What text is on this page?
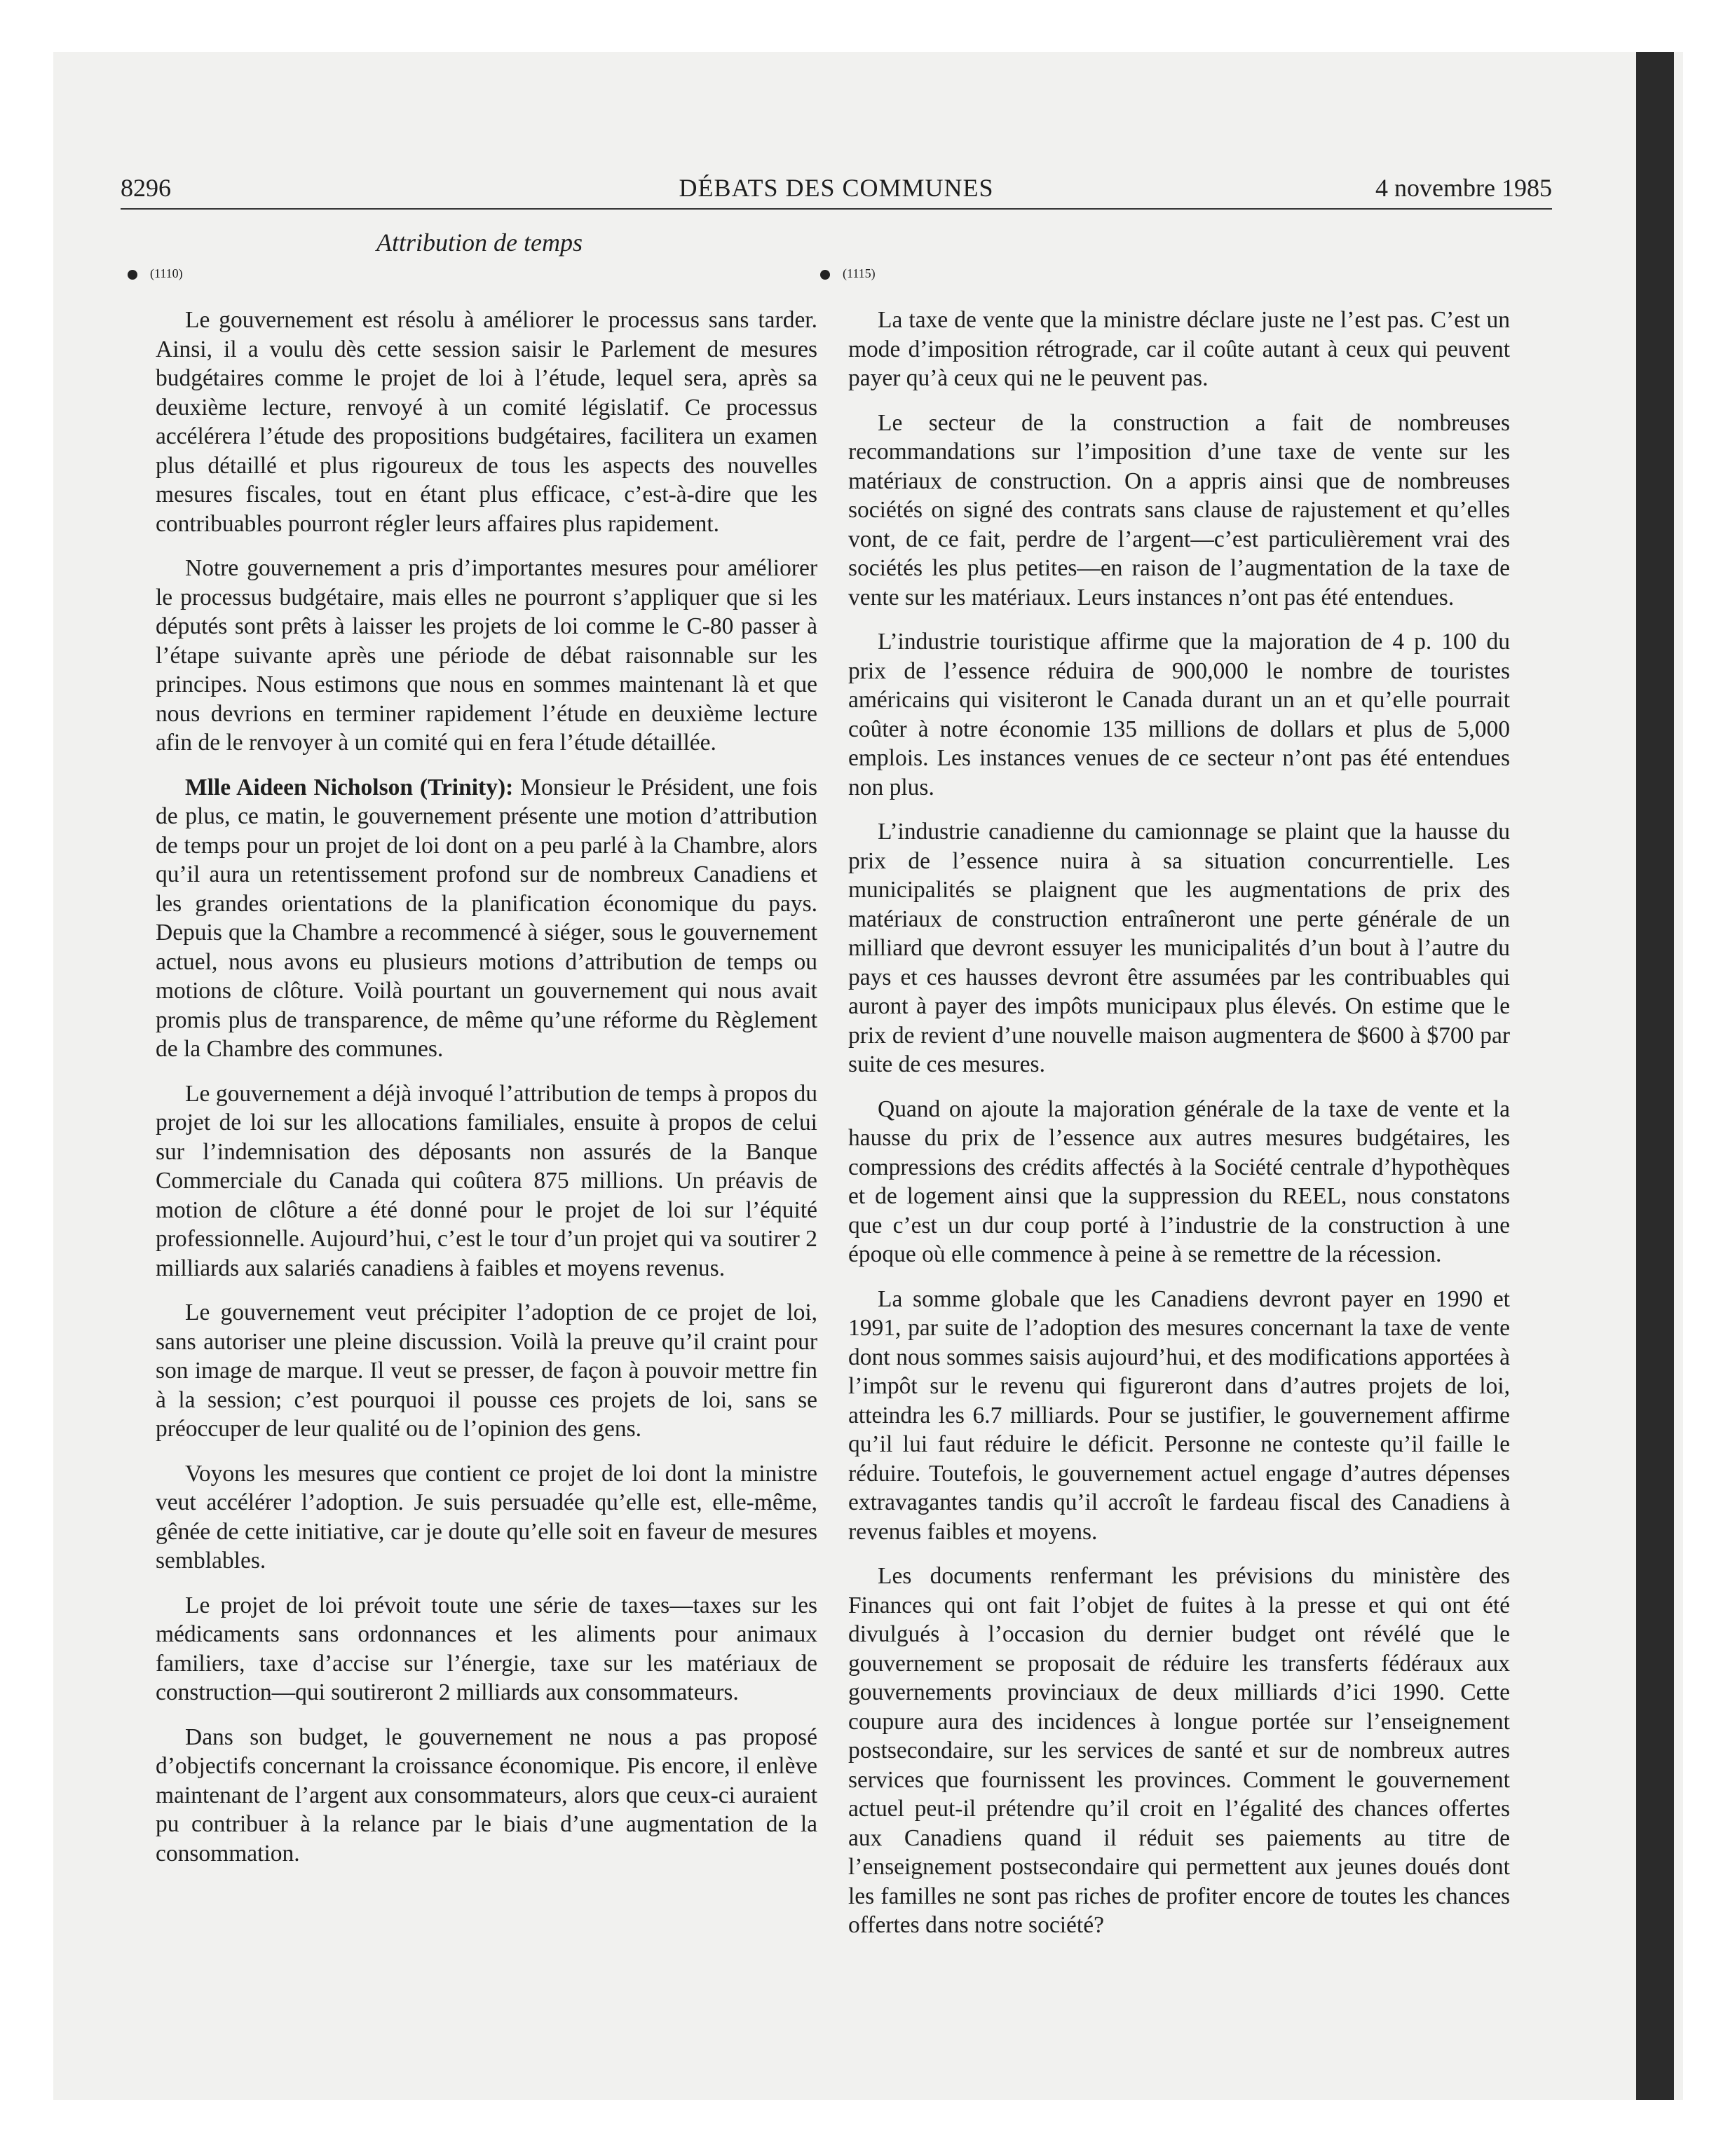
8296	DÉBATS DES COMMUNES	4 novembre 1985
Attribution de temps
(1110)

Le gouvernement est résolu à améliorer le processus sans tarder. Ainsi, il a voulu dès cette session saisir le Parlement de mesures budgétaires comme le projet de loi à l’étude, lequel sera, après sa deuxième lecture, renvoyé à un comité législatif. Ce processus accélérera l’étude des propositions budgétaires, facilitera un examen plus détaillé et plus rigoureux de tous les aspects des nouvelles mesures fiscales, tout en étant plus efficace, c’est-à-dire que les contribuables pourront régler leurs affaires plus rapidement.

Notre gouvernement a pris d’importantes mesures pour améliorer le processus budgétaire, mais elles ne pourront s’appliquer que si les députés sont prêts à laisser les projets de loi comme le C-80 passer à l’étape suivante après une période de débat raisonnable sur les principes. Nous estimons que nous en sommes maintenant là et que nous devrions en terminer rapidement l’étude en deuxième lecture afin de le renvoyer à un comité qui en fera l’étude détaillée.

Mlle Aideen Nicholson (Trinity): Monsieur le Président, une fois de plus, ce matin, le gouvernement présente une motion d’attribution de temps pour un projet de loi dont on a peu parlé à la Chambre, alors qu’il aura un retentissement profond sur de nombreux Canadiens et les grandes orientations de la planification économique du pays. Depuis que la Chambre a recommencé à siéger, sous le gouvernement actuel, nous avons eu plusieurs motions d’attribution de temps ou motions de clôture. Voilà pourtant un gouvernement qui nous avait promis plus de transparence, de même qu’une réforme du Règlement de la Chambre des communes.

Le gouvernement a déjà invoqué l’attribution de temps à propos du projet de loi sur les allocations familiales, ensuite à propos de celui sur l’indemnisation des déposants non assurés de la Banque Commerciale du Canada qui coûtera 875 millions. Un préavis de motion de clôture a été donné pour le projet de loi sur l’équité professionnelle. Aujourd’hui, c’est le tour d’un projet qui va soutirer 2 milliards aux salariés canadiens à faibles et moyens revenus.

Le gouvernement veut précipiter l’adoption de ce projet de loi, sans autoriser une pleine discussion. Voilà la preuve qu’il craint pour son image de marque. Il veut se presser, de façon à pouvoir mettre fin à la session; c’est pourquoi il pousse ces projets de loi, sans se préoccuper de leur qualité ou de l’opinion des gens.

Voyons les mesures que contient ce projet de loi dont la ministre veut accélérer l’adoption. Je suis persuadée qu’elle est, elle-même, gênée de cette initiative, car je doute qu’elle soit en faveur de mesures semblables.

Le projet de loi prévoit toute une série de taxes—taxes sur les médicaments sans ordonnances et les aliments pour animaux familiers, taxe d’accise sur l’énergie, taxe sur les matériaux de construction—qui soutireront 2 milliards aux consommateurs.

Dans son budget, le gouvernement ne nous a pas proposé d’objectifs concernant la croissance économique. Pis encore, il enlève maintenant de l’argent aux consommateurs, alors que ceux-ci auraient pu contribuer à la relance par le biais d’une augmentation de la consommation.

(1115)

La taxe de vente que la ministre déclare juste ne l’est pas. C’est un mode d’imposition rétrograde, car il coûte autant à ceux qui peuvent payer qu’à ceux qui ne le peuvent pas.

Le secteur de la construction a fait de nombreuses recommandations sur l’imposition d’une taxe de vente sur les matériaux de construction. On a appris ainsi que de nombreuses sociétés on signé des contrats sans clause de rajustement et qu’elles vont, de ce fait, perdre de l’argent—c’est particulièrement vrai des sociétés les plus petites—en raison de l’augmentation de la taxe de vente sur les matériaux. Leurs instances n’ont pas été entendues.

L’industrie touristique affirme que la majoration de 4 p. 100 du prix de l’essence réduira de 900,000 le nombre de touristes américains qui visiteront le Canada durant un an et qu’elle pourrait coûter à notre économie 135 millions de dollars et plus de 5,000 emplois. Les instances venues de ce secteur n’ont pas été entendues non plus.

L’industrie canadienne du camionnage se plaint que la hausse du prix de l’essence nuira à sa situation concurrentielle. Les municipalités se plaignent que les augmentations de prix des matériaux de construction entraîneront une perte générale de un milliard que devront essuyer les municipalités d’un bout à l’autre du pays et ces hausses devront être assumées par les contribuables qui auront à payer des impôts municipaux plus élevés. On estime que le prix de revient d’une nouvelle maison augmentera de $600 à $700 par suite de ces mesures.

Quand on ajoute la majoration générale de la taxe de vente et la hausse du prix de l’essence aux autres mesures budgétaires, les compressions des crédits affectés à la Société centrale d’hypothèques et de logement ainsi que la suppression du REEL, nous constatons que c’est un dur coup porté à l’industrie de la construction à une époque où elle commence à peine à se remettre de la récession.

La somme globale que les Canadiens devront payer en 1990 et 1991, par suite de l’adoption des mesures concernant la taxe de vente dont nous sommes saisis aujourd’hui, et des modifications apportées à l’impôt sur le revenu qui figureront dans d’autres projets de loi, atteindra les 6.7 milliards. Pour se justifier, le gouvernement affirme qu’il lui faut réduire le déficit. Personne ne conteste qu’il faille le réduire. Toutefois, le gouvernement actuel engage d’autres dépenses extravagantes tandis qu’il accroît le fardeau fiscal des Canadiens à revenus faibles et moyens.

Les documents renfermant les prévisions du ministère des Finances qui ont fait l’objet de fuites à la presse et qui ont été divulgués à l’occasion du dernier budget ont révélé que le gouvernement se proposait de réduire les transferts fédéraux aux gouvernements provinciaux de deux milliards d’ici 1990. Cette coupure aura des incidences à longue portée sur l’enseignement postsecondaire, sur les services de santé et sur de nombreux autres services que fournissent les provinces. Comment le gouvernement actuel peut-il prétendre qu’il croit en l’égalité des chances offertes aux Canadiens quand il réduit ses paiements au titre de l’enseignement postsecondaire qui permettent aux jeunes doués dont les familles ne sont pas riches de profiter encore de toutes les chances offertes dans notre société?
